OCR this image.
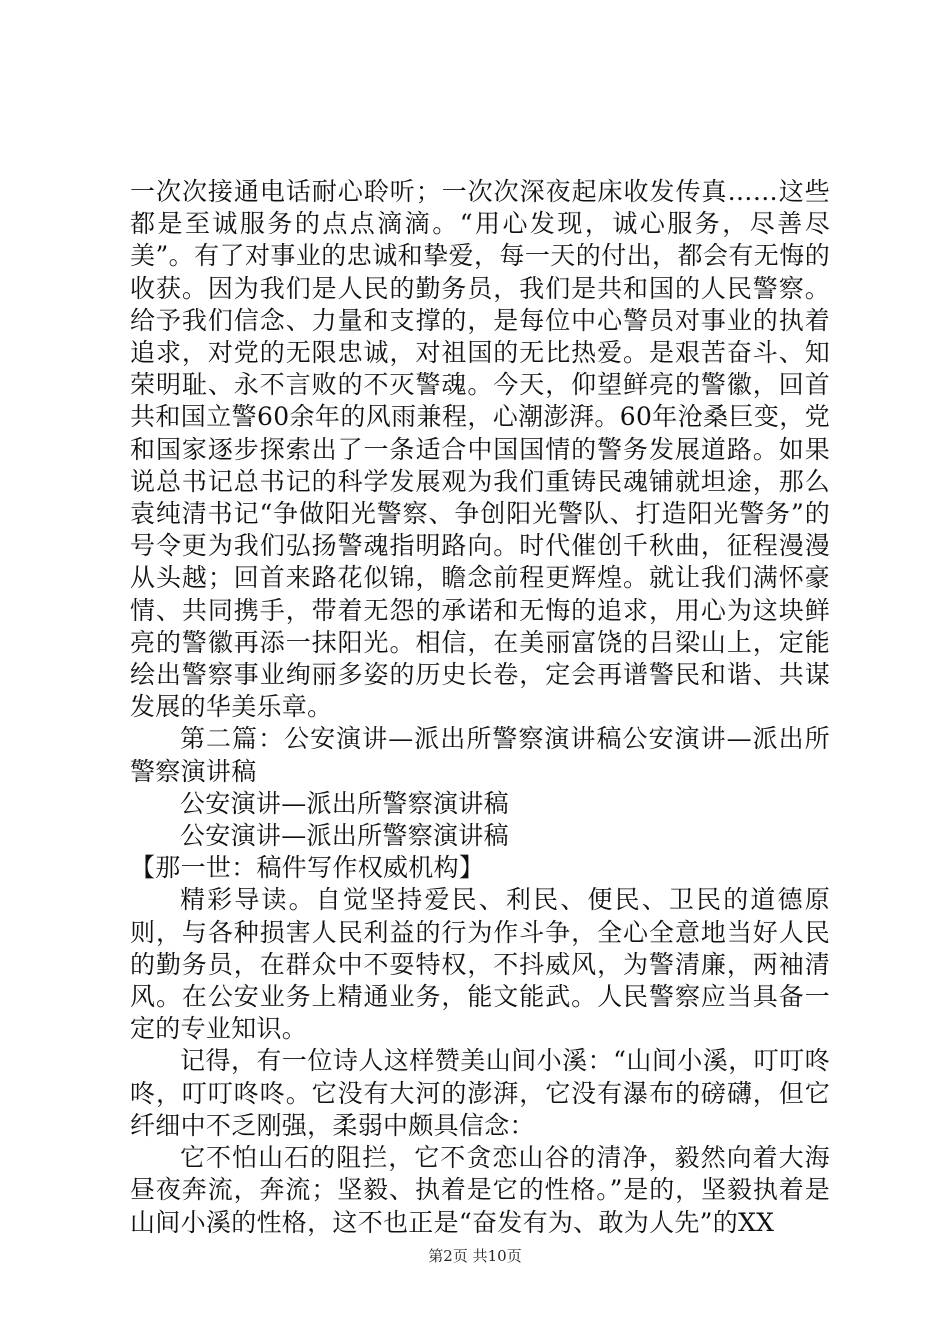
一次次接通电话耐心聆听；一次次深夜起床收发传真……这些都是至诚服务的点点滴滴。“用心发现，诚心服务，尽善尽美”。有了对事业的忠诚和挚爱，每一天的付出，都会有无悔的收获。因为我们是人民的勤务员，我们是共和国的人民警察。给予我们信念、力量和支撑的，是每位中心警员对事业的执着追求，对党的无限忠诚，对祖国的无比热爱。是艰苦奋斗、知荣明耻、永不言败的不灭警魂。今天，仰望鲜亮的警徽，回首共和国立警60余年的风雨兼程，心潮澎湃。60年沧桑巨变，党和国家逐步探索出了一条适合中国国情的警务发展道路。如果说总书记总书记的科学发展观为我们重铸民魂铺就坦途，那么袁纯清书记“争做阳光警察、争创阳光警队、打造阳光警务”的号令更为我们弘扬警魂指明路向。时代催创千秋曲，征程漫漫从头越；回首来路花似锦，瞻念前程更辉煌。就让我们满怀豪情、共同携手，带着无怨的承诺和无悔的追求，用心为这块鲜亮的警徽再添一抹阳光。相信，在美丽富饶的吕梁山上，定能绘出警察事业绚丽多姿的历史长卷，定会再谱警民和谐、共谋发展的华美乐章。

第二篇：公安演讲—派出所警察演讲稿公安演讲—派出所警察演讲稿

公安演讲—派出所警察演讲稿

公安演讲—派出所警察演讲稿

【那一世：稿件写作权威机构】

精彩导读。自觉坚持爱民、利民、便民、卫民的道德原则，与各种损害人民利益的行为作斗争，全心全意地当好人民的勤务员，在群众中不耍特权，不抖威风，为警清廉，两袖清风。在公安业务上精通业务，能文能武。人民警察应当具备一定的专业知识。

记得，有一位诗人这样赞美山间小溪：“山间小溪，叮叮咚咚，叮叮咚咚。它没有大河的澎湃，它没有瀑布的磅礴，但它纤细中不乏刚强，柔弱中颇具信念：

它不怕山石的阻拦，它不贪恋山谷的清净，毅然向着大海昼夜奔流，奔流；坚毅、执着是它的性格。”是的，坚毅执着是山间小溪的性格，这不也正是“奋发有为、敢为人先”的XX

第2页 共10页
